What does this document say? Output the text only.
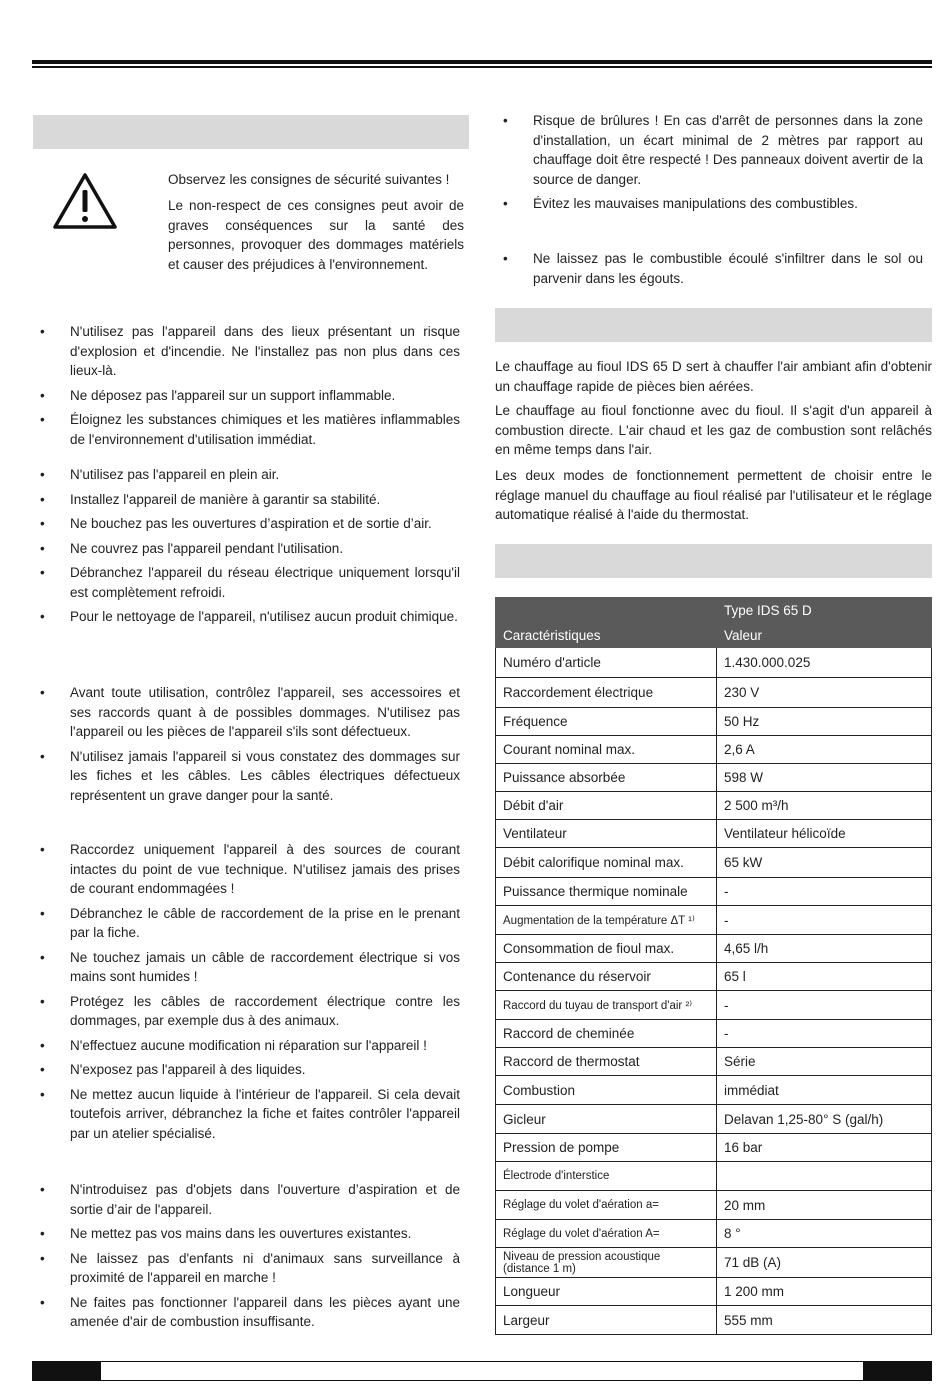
Observez les consignes de sécurité suivantes !

Le non-respect de ces consignes peut avoir de graves conséquences sur la santé des personnes, provoquer des dommages matériels et causer des préjudices à l'environnement.

• N'utilisez pas l'appareil dans des lieux présentant un risque d'explosion et d'incendie. Ne l'installez pas non plus dans ces lieux-là.
• Ne déposez pas l'appareil sur un support inflammable.
• Éloignez les substances chimiques et les matières inflammables de l'environnement d'utilisation immédiat.
• N'utilisez pas l'appareil en plein air.
• Installez l'appareil de manière à garantir sa stabilité.
• Ne bouchez pas les ouvertures d’aspiration et de sortie d’air.
• Ne couvrez pas l'appareil pendant l'utilisation.
• Débranchez l'appareil du réseau électrique uniquement lorsqu'il est complètement refroidi.
• Pour le nettoyage de l'appareil, n'utilisez aucun produit chimique.
• Avant toute utilisation, contrôlez l'appareil, ses accessoires et ses raccords quant à de possibles dommages. N'utilisez pas l'appareil ou les pièces de l'appareil s'ils sont défectueux.
• N'utilisez jamais l'appareil si vous constatez des dommages sur les fiches et les câbles. Les câbles électriques défectueux représentent un grave danger pour la santé.
• Raccordez uniquement l'appareil à des sources de courant intactes du point de vue technique. N'utilisez jamais des prises de courant endommagées !
• Débranchez le câble de raccordement de la prise en le prenant par la fiche.
• Ne touchez jamais un câble de raccordement électrique si vos mains sont humides !
• Protégez les câbles de raccordement électrique contre les dommages, par exemple dus à des animaux.
• N'effectuez aucune modification ni réparation sur l'appareil !
• N'exposez pas l'appareil à des liquides.
• Ne mettez aucun liquide à l'intérieur de l'appareil. Si cela devait toutefois arriver, débranchez la fiche et faites contrôler l'appareil par un atelier spécialisé.
• N'introduisez pas d'objets dans l'ouverture d’aspiration et de sortie d’air de l'appareil.
• Ne mettez pas vos mains dans les ouvertures existantes.
• Ne laissez pas d'enfants ni d'animaux sans surveillance à proximité de l'appareil en marche !
• Ne faites pas fonctionner l'appareil dans les pièces ayant une amenée d'air de combustion insuffisante.
• Risque de brûlures ! En cas d'arrêt de personnes dans la zone d'installation, un écart minimal de 2 mètres par rapport au chauffage doit être respecté ! Des panneaux doivent avertir de la source de danger.
• Évitez les mauvaises manipulations des combustibles.
• Ne laissez pas le combustible écoulé s'infiltrer dans le sol ou parvenir dans les égouts.

Le chauffage au fioul IDS 65 D sert à chauffer l'air ambiant afin d'obtenir un chauffage rapide de pièces bien aérées.

Le chauffage au fioul fonctionne avec du fioul. Il s'agit d'un appareil à combustion directe. L'air chaud et les gaz de combustion sont relâchés en même temps dans l'air.

Les deux modes de fonctionnement permettent de choisir entre le réglage manuel du chauffage au fioul réalisé par l'utilisateur et le réglage automatique réalisé à l'aide du thermostat.

	Type IDS 65 D
Caractéristiques	Valeur
Numéro d'article	1.430.000.025
Raccordement électrique	230 V
Fréquence	50 Hz
Courant nominal max.	2,6 A
Puissance absorbée	598 W
Débit d'air	2 500 m³/h
Ventilateur	Ventilateur hélicoïde
Débit calorifique nominal max.	65 kW
Puissance thermique nominale	-
Augmentation de la température ΔT ¹⁾	-
Consommation de fioul max.	4,65 l/h
Contenance du réservoir	65 l
Raccord du tuyau de transport d'air ²⁾	-
Raccord de cheminée	-
Raccord de thermostat	Série
Combustion	immédiat
Gicleur	Delavan 1,25-80° S (gal/h)
Pression de pompe	16 bar
Électrode d'interstice	
Réglage du volet d'aération a=	20 mm
Réglage du volet d'aération A=	8 °
Niveau de pression acoustique (distance 1 m)	71 dB (A)
Longueur	1 200 mm
Largeur	555 mm
